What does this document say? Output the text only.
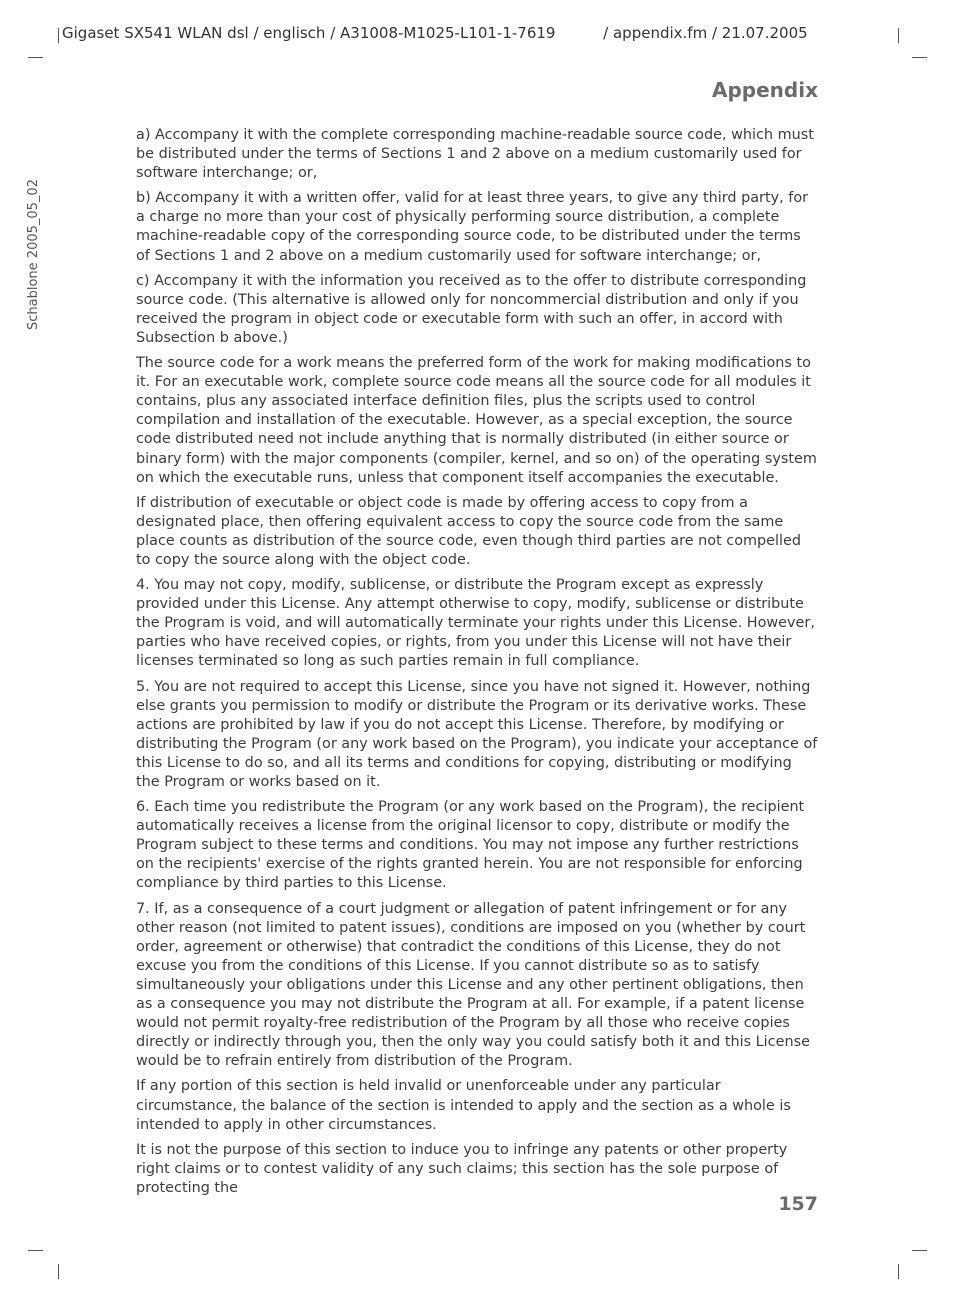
Gigaset SX541 WLAN dsl / englisch / A31008-M1025-L101-1-7619	/ appendix.fm / 21.07.2005
Appendix
Schablone 2005_05_02

a) Accompany it with the complete corresponding machine-readable source code, which must be distributed under the terms of Sections 1 and 2 above on a medium customarily used for software interchange; or,

b) Accompany it with a written offer, valid for at least three years, to give any third party, for a charge no more than your cost of physically performing source distribution, a complete machine-readable copy of the corresponding source code, to be distributed under the terms of Sections 1 and 2 above on a medium customarily used for software interchange; or,

c) Accompany it with the information you received as to the offer to distribute corresponding source code. (This alternative is allowed only for noncommercial distribution and only if you received the program in object code or executable form with such an offer, in accord with Subsection b above.)

The source code for a work means the preferred form of the work for making modifications to it. For an executable work, complete source code means all the source code for all modules it contains, plus any associated interface definition files, plus the scripts used to control compilation and installation of the executable. However, as a special exception, the source code distributed need not include anything that is normally distributed (in either source or binary form) with the major components (compiler, kernel, and so on) of the operating system on which the executable runs, unless that component itself accompanies the executable.

If distribution of executable or object code is made by offering access to copy from a designated place, then offering equivalent access to copy the source code from the same place counts as distribution of the source code, even though third parties are not compelled to copy the source along with the object code.

4. You may not copy, modify, sublicense, or distribute the Program except as expressly provided under this License. Any attempt otherwise to copy, modify, sublicense or distribute the Program is void, and will automatically terminate your rights under this License. However, parties who have received copies, or rights, from you under this License will not have their licenses terminated so long as such parties remain in full compliance.

5. You are not required to accept this License, since you have not signed it. However, nothing else grants you permission to modify or distribute the Program or its derivative works. These actions are prohibited by law if you do not accept this License. Therefore, by modifying or distributing the Program (or any work based on the Program), you indicate your acceptance of this License to do so, and all its terms and conditions for copying, distributing or modifying the Program or works based on it.

6. Each time you redistribute the Program (or any work based on the Program), the recipient automatically receives a license from the original licensor to copy, distribute or modify the Program subject to these terms and conditions. You may not impose any further restrictions on the recipients' exercise of the rights granted herein. You are not responsible for enforcing compliance by third parties to this License.

7. If, as a consequence of a court judgment or allegation of patent infringement or for any other reason (not limited to patent issues), conditions are imposed on you (whether by court order, agreement or otherwise) that contradict the conditions of this License, they do not excuse you from the conditions of this License. If you cannot distribute so as to satisfy simultaneously your obligations under this License and any other pertinent obligations, then as a consequence you may not distribute the Program at all. For example, if a patent license would not permit royalty-free redistribution of the Program by all those who receive copies directly or indirectly through you, then the only way you could satisfy both it and this License would be to refrain entirely from distribution of the Program.

If any portion of this section is held invalid or unenforceable under any particular circumstance, the balance of the section is intended to apply and the section as a whole is intended to apply in other circumstances.

It is not the purpose of this section to induce you to infringe any patents or other property right claims or to contest validity of any such claims; this section has the sole purpose of protecting the

157
